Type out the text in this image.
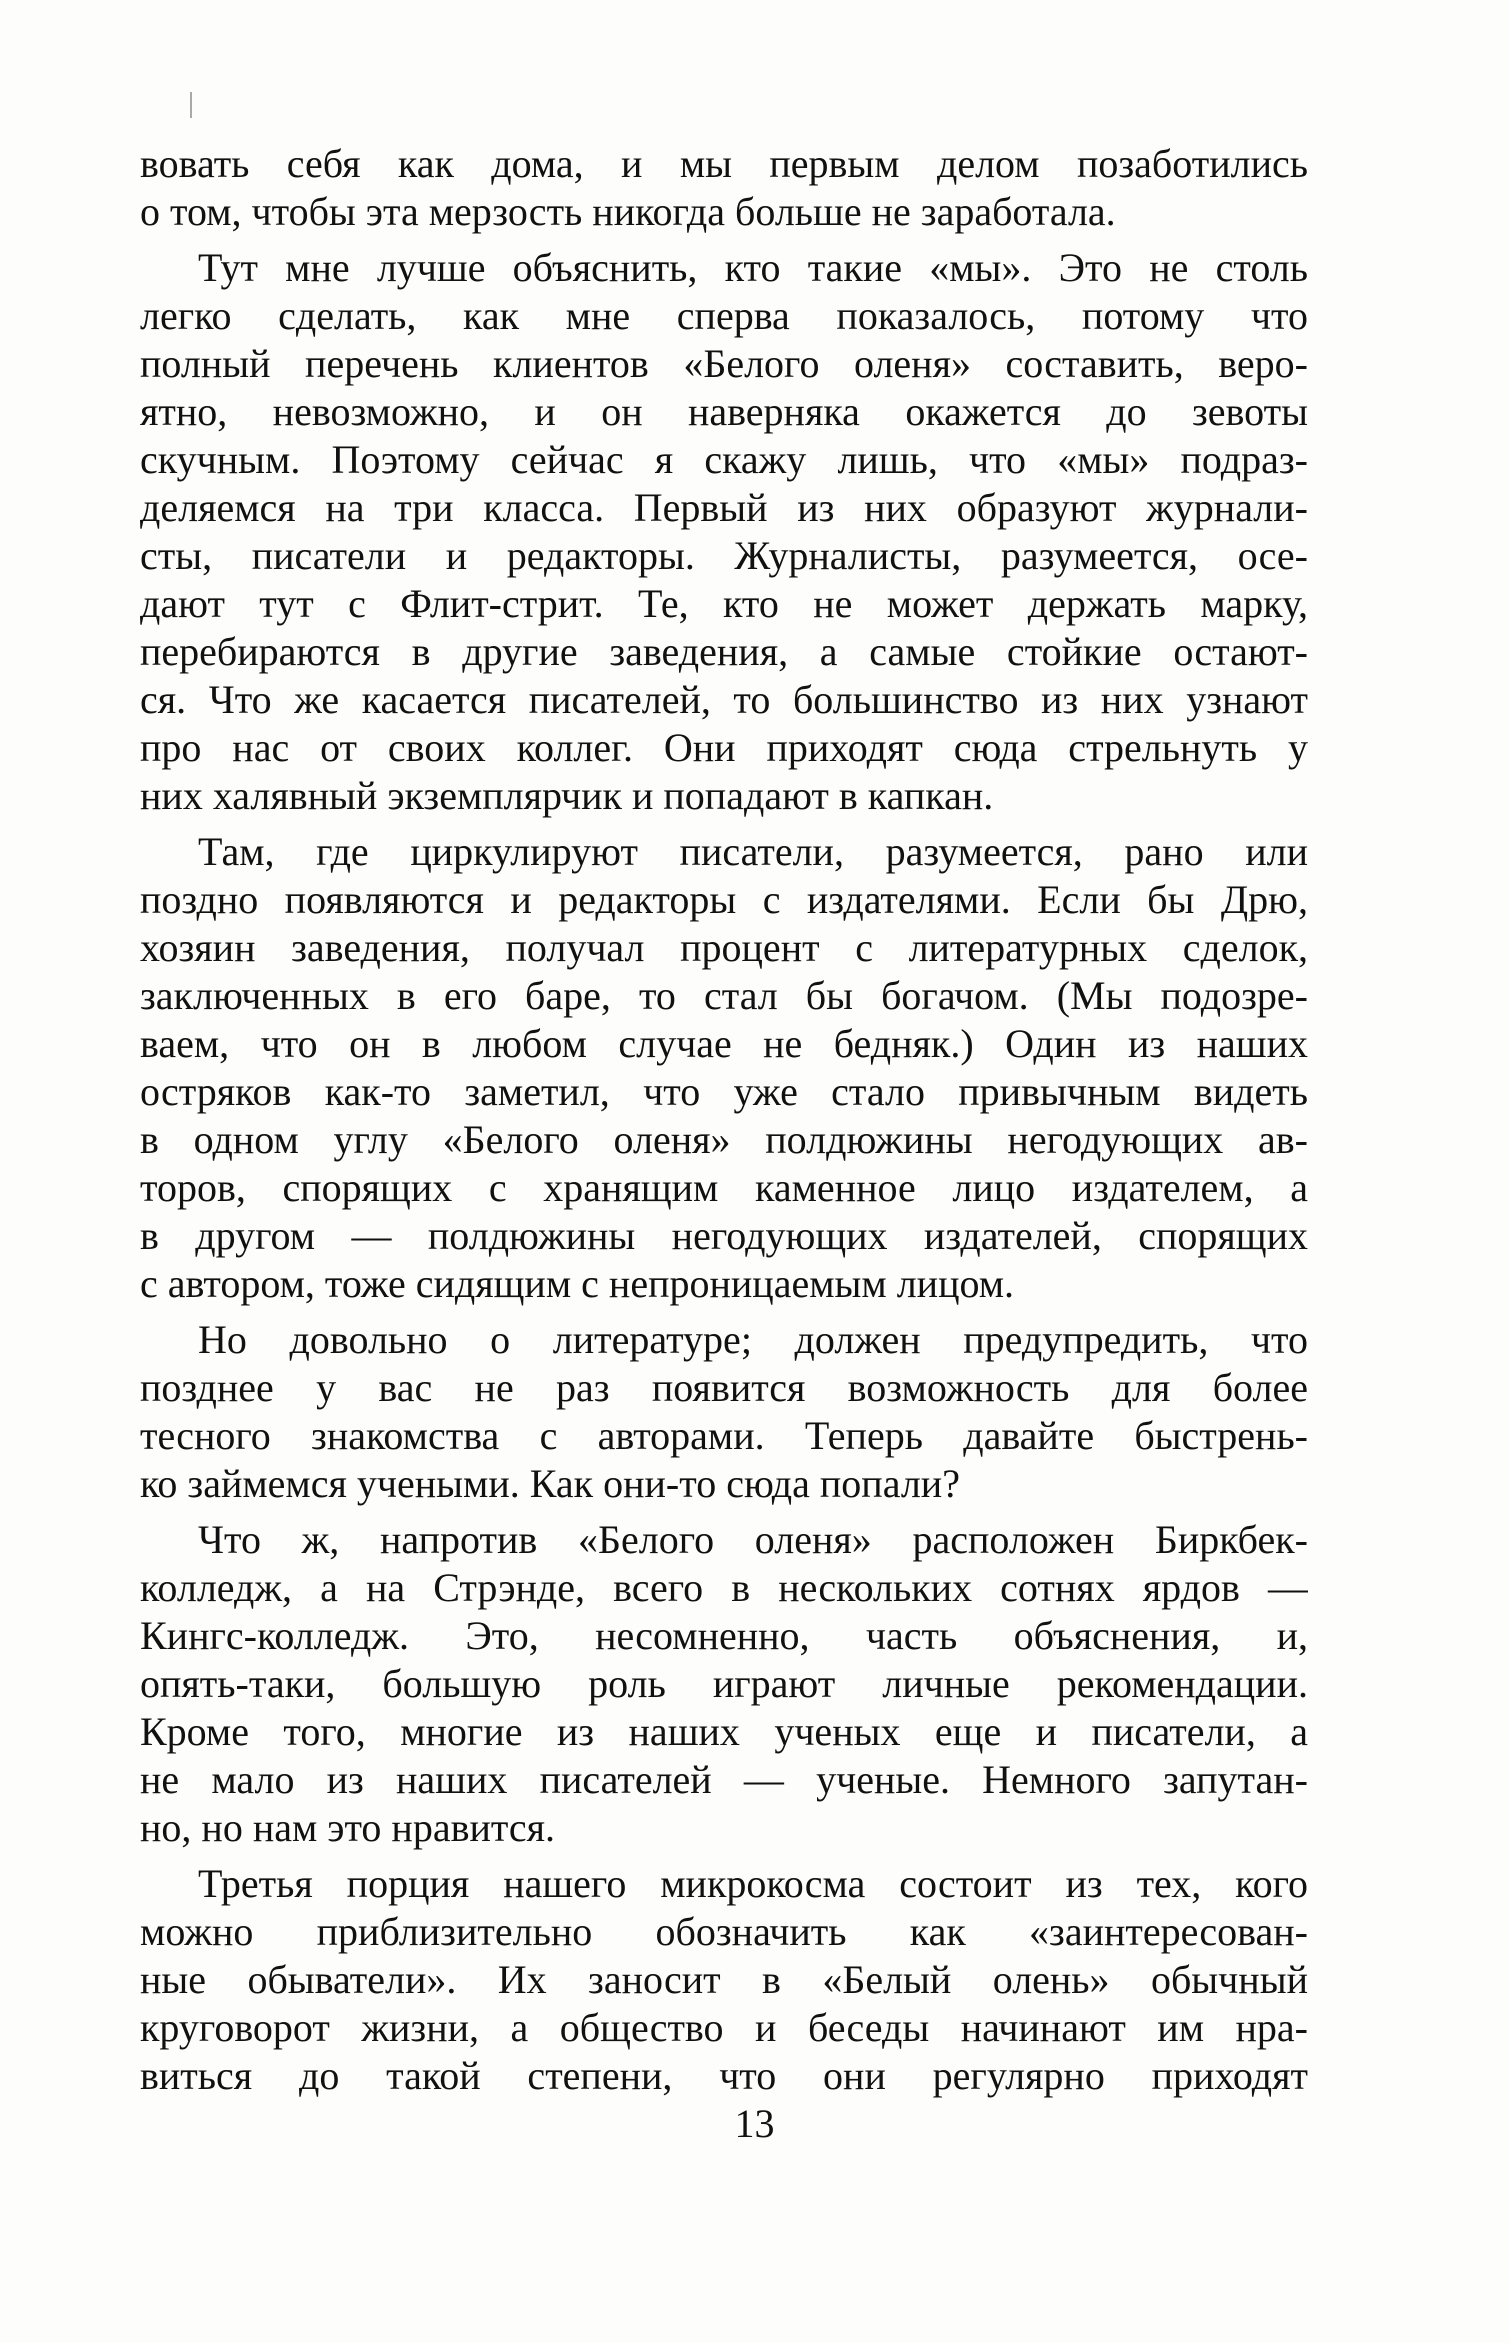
вовать себя как дома, и мы первым делом позаботились
о том, чтобы эта мерзость никогда больше не заработала.
Тут мне лучше объяснить, кто такие «мы». Это не столь
легко сделать, как мне сперва показалось, потому что
полный перечень клиентов «Белого оленя» составить, веро-
ятно, невозможно, и он наверняка окажется до зевоты
скучным. Поэтому сейчас я скажу лишь, что «мы» подраз-
деляемся на три класса. Первый из них образуют журнали-
сты, писатели и редакторы. Журналисты, разумеется, осе-
дают тут с Флит-стрит. Те, кто не может держать марку,
перебираются в другие заведения, а самые стойкие остают-
ся. Что же касается писателей, то большинство из них узнают
про нас от своих коллег. Они приходят сюда стрельнуть у
них халявный экземплярчик и попадают в капкан.
Там, где циркулируют писатели, разумеется, рано или
поздно появляются и редакторы с издателями. Если бы Дрю,
хозяин заведения, получал процент с литературных сделок,
заключенных в его баре, то стал бы богачом. (Мы подозре-
ваем, что он в любом случае не бедняк.) Один из наших
остряков как-то заметил, что уже стало привычным видеть
в одном углу «Белого оленя» полдюжины негодующих ав-
торов, спорящих с хранящим каменное лицо издателем, а
в другом — полдюжины негодующих издателей, спорящих
с автором, тоже сидящим с непроницаемым лицом.
Но довольно о литературе; должен предупредить, что
позднее у вас не раз появится возможность для более
тесного знакомства с авторами. Теперь давайте быстрень-
ко займемся учеными. Как они-то сюда попали?
Что ж, напротив «Белого оленя» расположен Биркбек-
колледж, а на Стрэнде, всего в нескольких сотнях ярдов —
Кингс-колледж. Это, несомненно, часть объяснения, и,
опять-таки, большую роль играют личные рекомендации.
Кроме того, многие из наших ученых еще и писатели, а
не мало из наших писателей — ученые. Немного запутан-
но, но нам это нравится.
Третья порция нашего микрокосма состоит из тех, кого
можно приблизительно обозначить как «заинтересован-
ные обыватели». Их заносит в «Белый олень» обычный
круговорот жизни, а общество и беседы начинают им нра-
виться до такой степени, что они регулярно приходят
13
